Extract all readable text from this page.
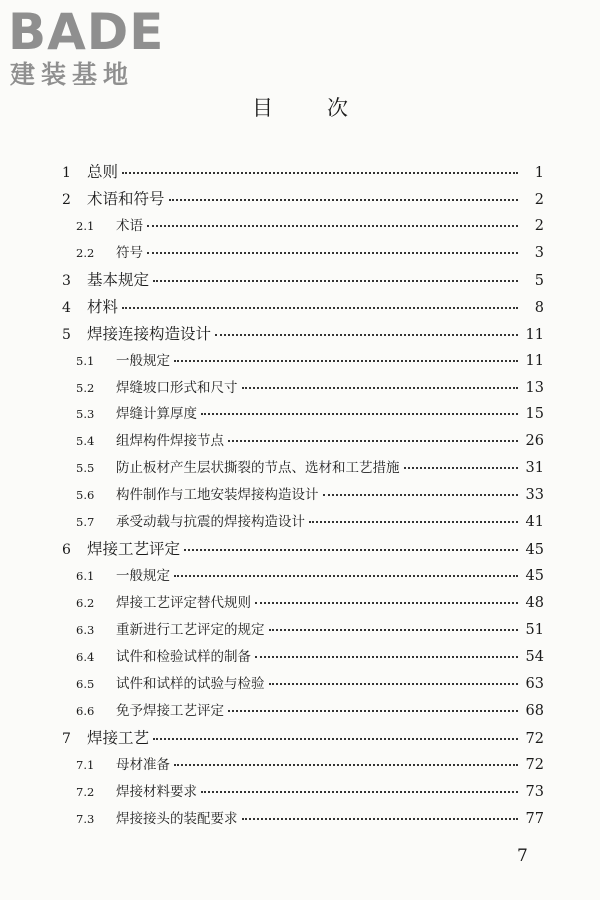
BADE
建装基地
目次
1	总则	1
2	术语和符号	2
2.1	术语	2
2.2	符号	3
3	基本规定	5
4	材料	8
5	焊接连接构造设计	11
5.1	一般规定	11
5.2	焊缝坡口形式和尺寸	13
5.3	焊缝计算厚度	15
5.4	组焊构件焊接节点	26
5.5	防止板材产生层状撕裂的节点、选材和工艺措施	31
5.6	构件制作与工地安装焊接构造设计	33
5.7	承受动载与抗震的焊接构造设计	41
6	焊接工艺评定	45
6.1	一般规定	45
6.2	焊接工艺评定替代规则	48
6.3	重新进行工艺评定的规定	51
6.4	试件和检验试样的制备	54
6.5	试件和试样的试验与检验	63
6.6	免予焊接工艺评定	68
7	焊接工艺	72
7.1	母材准备	72
7.2	焊接材料要求	73
7.3	焊接接头的装配要求	77
7
